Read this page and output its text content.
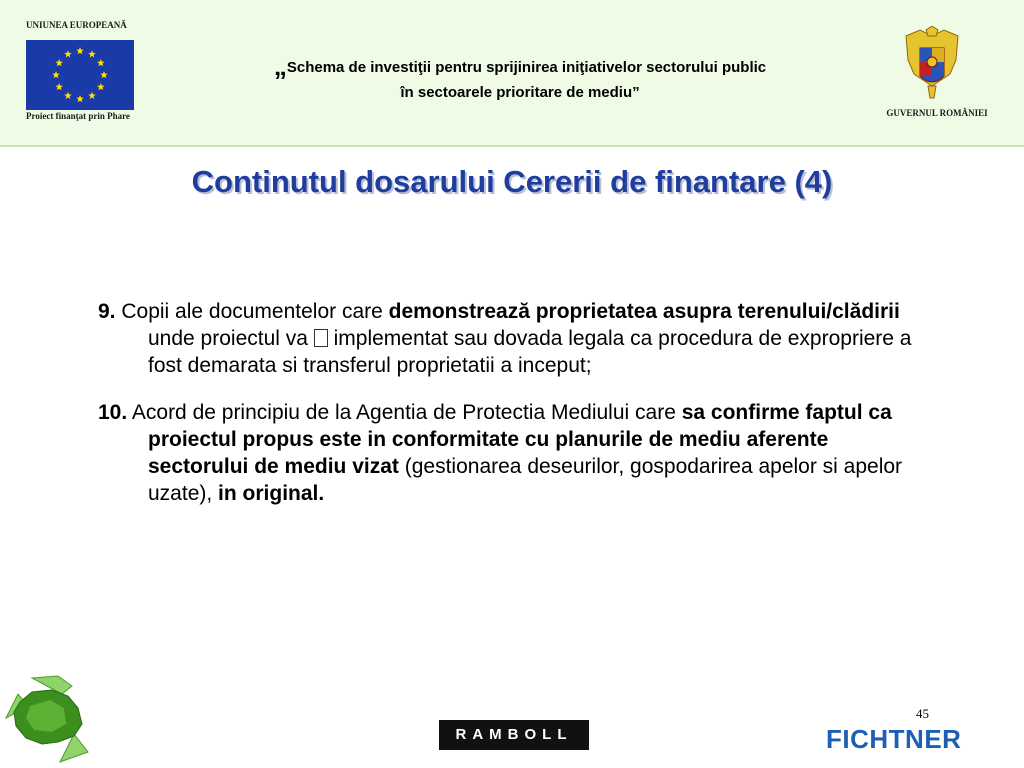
UNIUNEA EUROPEANĂ
Proiect finanţat prin Phare
„Schema de investiţii pentru sprijinirea iniţiativelor sectorului public
în sectoarele prioritare de mediu”
GUVERNUL ROMÂNIEI
Continutul dosarului Cererii de finantare (4)
9. Copii ale documentelor care demonstrează proprietatea asupra terenului/clădirii unde proiectul va  implementat sau dovada legala ca procedura de expropriere a fost demarata si transferul proprietatii a inceput;
10. Acord de principiu de la Agentia de Protectia Mediului care sa confirme faptul ca proiectul propus este in conformitate cu planurile de mediu aferente sectorului de mediu vizat (gestionarea deseurilor, gospodarirea apelor si apelor uzate), in original.
45
RAMBOLL	FICHTNER
